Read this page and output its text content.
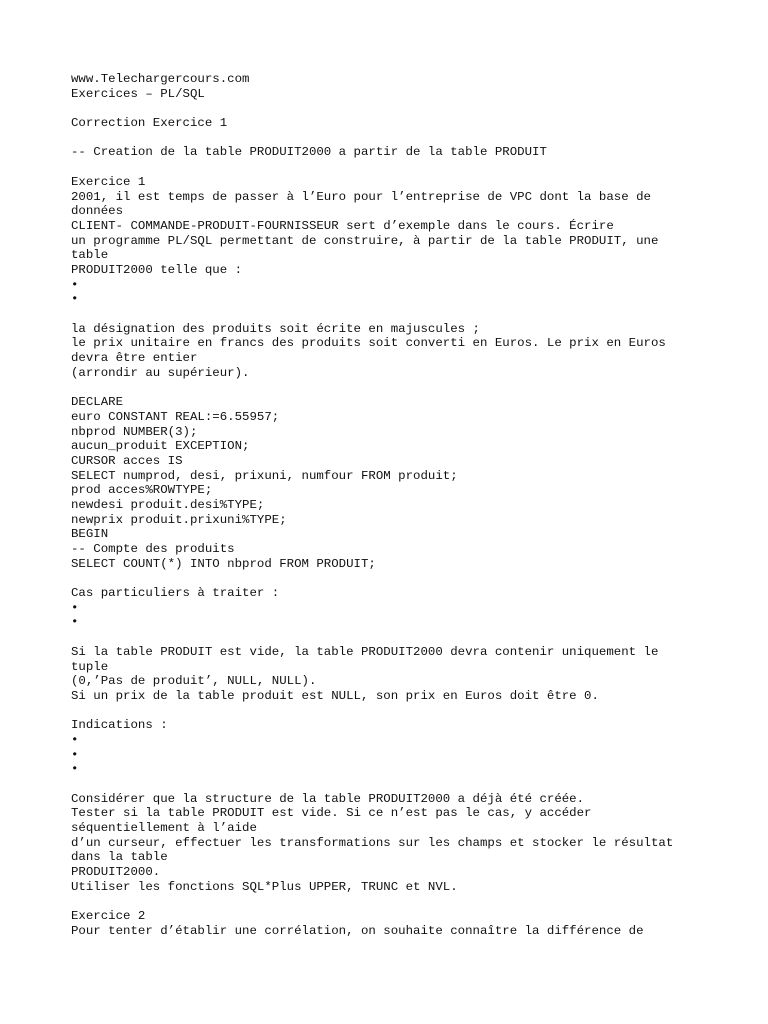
www.Telechargercours.com
Exercices – PL/SQL
Correction Exercice 1
-- Creation de la table PRODUIT2000 a partir de la table PRODUIT
Exercice 1
2001, il est temps de passer à l’Euro pour l’entreprise de VPC dont la base de
données
CLIENT- COMMANDE-PRODUIT-FOURNISSEUR sert d’exemple dans le cours. Écrire
un programme PL/SQL permettant de construire, à partir de la table PRODUIT, une
table
PRODUIT2000 telle que :
•
•
la désignation des produits soit écrite en majuscules ;
le prix unitaire en francs des produits soit converti en Euros. Le prix en Euros
devra être entier
(arrondir au supérieur).
DECLARE
euro CONSTANT REAL:=6.55957;
nbprod NUMBER(3);
aucun_produit EXCEPTION;
CURSOR acces IS
SELECT numprod, desi, prixuni, numfour FROM produit;
prod acces%ROWTYPE;
newdesi produit.desi%TYPE;
newprix produit.prixuni%TYPE;
BEGIN
-- Compte des produits
SELECT COUNT(*) INTO nbprod FROM PRODUIT;
Cas particuliers à traiter :
•
•
Si la table PRODUIT est vide, la table PRODUIT2000 devra contenir uniquement le
tuple
(0,’Pas de produit’, NULL, NULL).
Si un prix de la table produit est NULL, son prix en Euros doit être 0.
Indications :
•
•
•
Considérer que la structure de la table PRODUIT2000 a déjà été créée.
Tester si la table PRODUIT est vide. Si ce n’est pas le cas, y accéder
séquentiellement à l’aide
d’un curseur, effectuer les transformations sur les champs et stocker le résultat
dans la table
PRODUIT2000.
Utiliser les fonctions SQL*Plus UPPER, TRUNC et NVL.
Exercice 2
Pour tenter d’établir une corrélation, on souhaite connaître la différence de
